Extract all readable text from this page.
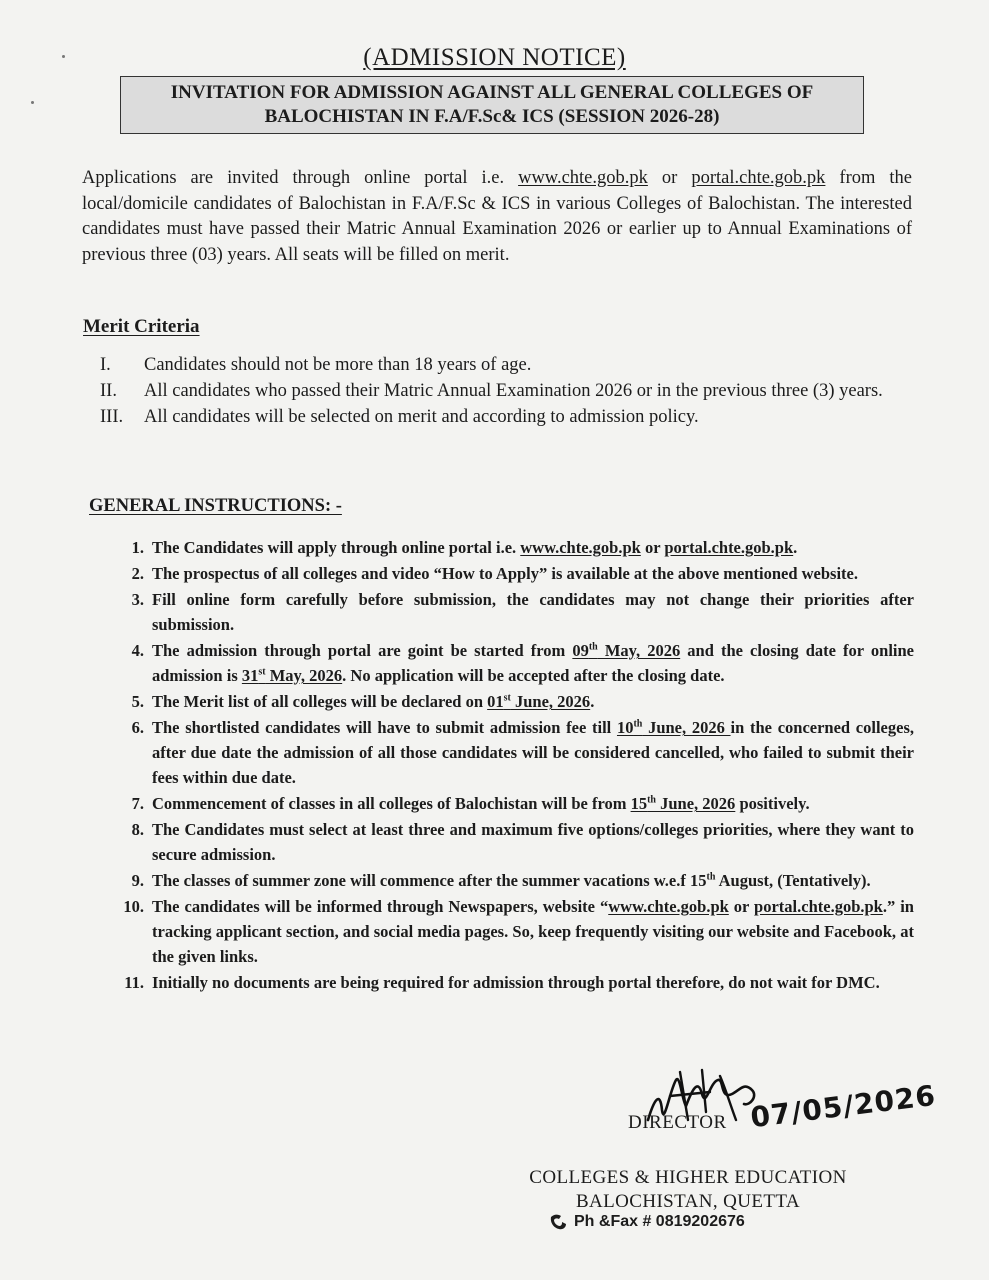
(ADMISSION NOTICE)
INVITATION FOR ADMISSION AGAINST ALL GENERAL COLLEGES OF
BALOCHISTAN IN F.A/F.Sc& ICS (SESSION 2026-28)
Applications are invited through online portal i.e. www.chte.gob.pk or portal.chte.gob.pk from the local/domicile candidates of Balochistan in F.A/F.Sc & ICS in various Colleges of Balochistan. The interested candidates must have passed their Matric Annual Examination 2026 or earlier up to Annual Examinations of previous three (03) years. All seats will be filled on merit.
Merit Criteria
I.	Candidates should not be more than 18 years of age.
II.	All candidates who passed their Matric Annual Examination 2026 or in the previous three (3) years.
III.	All candidates will be selected on merit and according to admission policy.
GENERAL INSTRUCTIONS: -
1. The Candidates will apply through online portal i.e. www.chte.gob.pk or portal.chte.gob.pk.
2. The prospectus of all colleges and video “How to Apply” is available at the above mentioned website.
3. Fill online form carefully before submission, the candidates may not change their priorities after submission.
4. The admission through portal are goint be started from 09th May, 2026 and the closing date for online admission is 31st May, 2026. No application will be accepted after the closing date.
5. The Merit list of all colleges will be declared on 01st June, 2026.
6. The shortlisted candidates will have to submit admission fee till 10th June, 2026 in the concerned colleges, after due date the admission of all those candidates will be considered cancelled, who failed to submit their fees within due date.
7. Commencement of classes in all colleges of Balochistan will be from 15th June, 2026 positively.
8. The Candidates must select at least three and maximum five options/colleges priorities, where they want to secure admission.
9. The classes of summer zone will commence after the summer vacations w.e.f 15th August, (Tentatively).
10. The candidates will be informed through Newspapers, website “www.chte.gob.pk or portal.chte.gob.pk.” in tracking applicant section, and social media pages. So, keep frequently visiting our website and Facebook, at the given links.
11. Initially no documents are being required for admission through portal therefore, do not wait for DMC.
07/05/2026
DIRECTOR
COLLEGES & HIGHER EDUCATION
BALOCHISTAN, QUETTA
Ph &Fax # 0819202676
